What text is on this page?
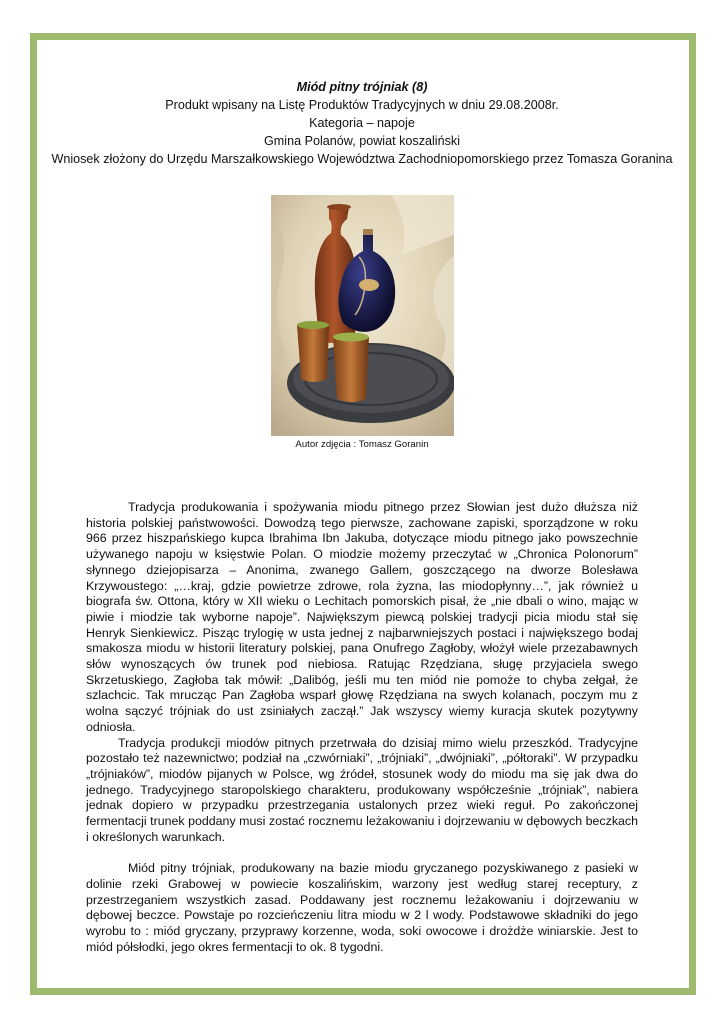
Miód pitny trójniak (8)
Produkt wpisany na Listę Produktów Tradycyjnych w dniu 29.08.2008r.
Kategoria – napoje
Gmina Polanów, powiat koszaliński
Wniosek złożony do Urzędu Marszałkowskiego Województwa Zachodniopomorskiego przez Tomasza Goranina
Autor zdjęcia : Tomasz Goranin

Tradycja produkowania i spożywania miodu pitnego przez Słowian jest dużo dłuższa niż historia polskiej państwowości. Dowodzą tego pierwsze, zachowane zapiski, sporządzone w roku 966 przez hiszpańskiego kupca Ibrahima Ibn Jakuba, dotyczące miodu pitnego jako powszechnie używanego napoju w księstwie Polan. O miodzie możemy przeczytać w „Chronica Polonorum” słynnego dziejopisarza – Anonima, zwanego Gallem, goszczącego na dworze Bolesława Krzywoustego: „…kraj, gdzie powietrze zdrowe, rola żyzna, las miodopłynny…”, jak również u biografa św. Ottona, który w XII wieku o Lechitach pomorskich pisał, że „nie dbali o wino, mając w piwie i miodzie tak wyborne napoje”. Największym piewcą polskiej tradycji picia miodu stał się Henryk Sienkiewicz. Pisząc trylogię w usta jednej z najbarwniejszych postaci i największego bodaj smakosza miodu w historii literatury polskiej, pana Onufrego Zagłoby, włożył wiele przezabawnych słów wynoszących ów trunek pod niebiosa. Ratując Rzędziana, sługę przyjaciela swego Skrzetuskiego, Zagłoba tak mówił: „Dalibóg, jeśli mu ten miód nie pomoże to chyba zełgał, że szlachcic. Tak mrucząc Pan Zagłoba wsparł głowę Rzędziana na swych kolanach, poczym mu z wolna sączyć trójniak do ust zsiniałych zaczął.” Jak wszyscy wiemy kuracja skutek pozytywny odniosła.

Tradycja produkcji miodów pitnych przetrwała do dzisiaj mimo wielu przeszkód. Tradycyjne pozostało też nazewnictwo; podział na „czwórniaki”, „trójniaki”, „dwójniaki”, „półtoraki”. W przypadku „trójniaków”, miodów pijanych w Polsce, wg źródeł, stosunek wody do miodu ma się jak dwa do jednego. Tradycyjnego staropolskiego charakteru, produkowany współcześnie „trójniak”, nabiera jednak dopiero w przypadku przestrzegania ustalonych przez wieki reguł. Po zakończonej fermentacji trunek poddany musi zostać rocznemu leżakowaniu i dojrzewaniu w dębowych beczkach i określonych warunkach.

Miód pitny trójniak, produkowany na bazie miodu gryczanego pozyskiwanego z pasieki w dolinie rzeki Grabowej w powiecie koszalińskim, warzony jest według starej receptury, z przestrzeganiem wszystkich zasad. Poddawany jest rocznemu leżakowaniu i dojrzewaniu w dębowej beczce. Powstaje po rozcieńczeniu litra miodu w 2 l wody. Podstawowe składniki do jego wyrobu to : miód gryczany, przyprawy korzenne, woda, soki owocowe i drożdże winiarskie. Jest to miód półsłodki, jego okres fermentacji to ok. 8 tygodni.
